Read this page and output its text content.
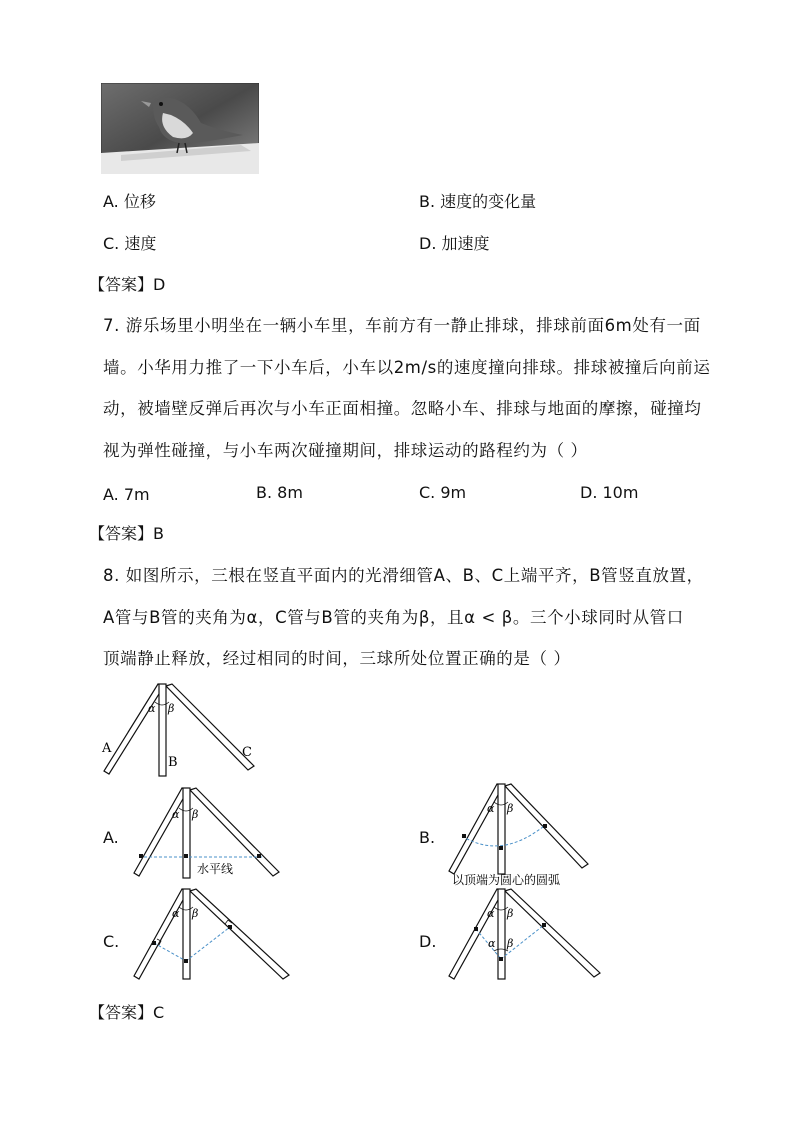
A. 位移	B. 速度的变化量
C. 速度	D. 加速度
【答案】D
7. 游乐场里小明坐在一辆小车里，车前方有一静止排球，排球前面6m处有一面
墙。小华用力推了一下小车后，小车以2m/s的速度撞向排球。排球被撞后向前运
动，被墙壁反弹后再次与小车正面相撞。忽略小车、排球与地面的摩擦，碰撞均
视为弹性碰撞，与小车两次碰撞期间，排球运动的路程约为（ ）
A. 7m	B. 8m	C. 9m	D. 10m
【答案】B
8. 如图所示，三根在竖直平面内的光滑细管A、B、C上端平齐，B管竖直放置，
A管与B管的夹角为α，C管与B管的夹角为β，且α < β。三个小球同时从管口
顶端静止释放，经过相同的时间，三球所处位置正确的是（ ）
α β
A
B
C
A.
α β
水平线
B.
α β
以顶端为圆心的圆弧
C.
α β
D.
α β
α β
【答案】C
